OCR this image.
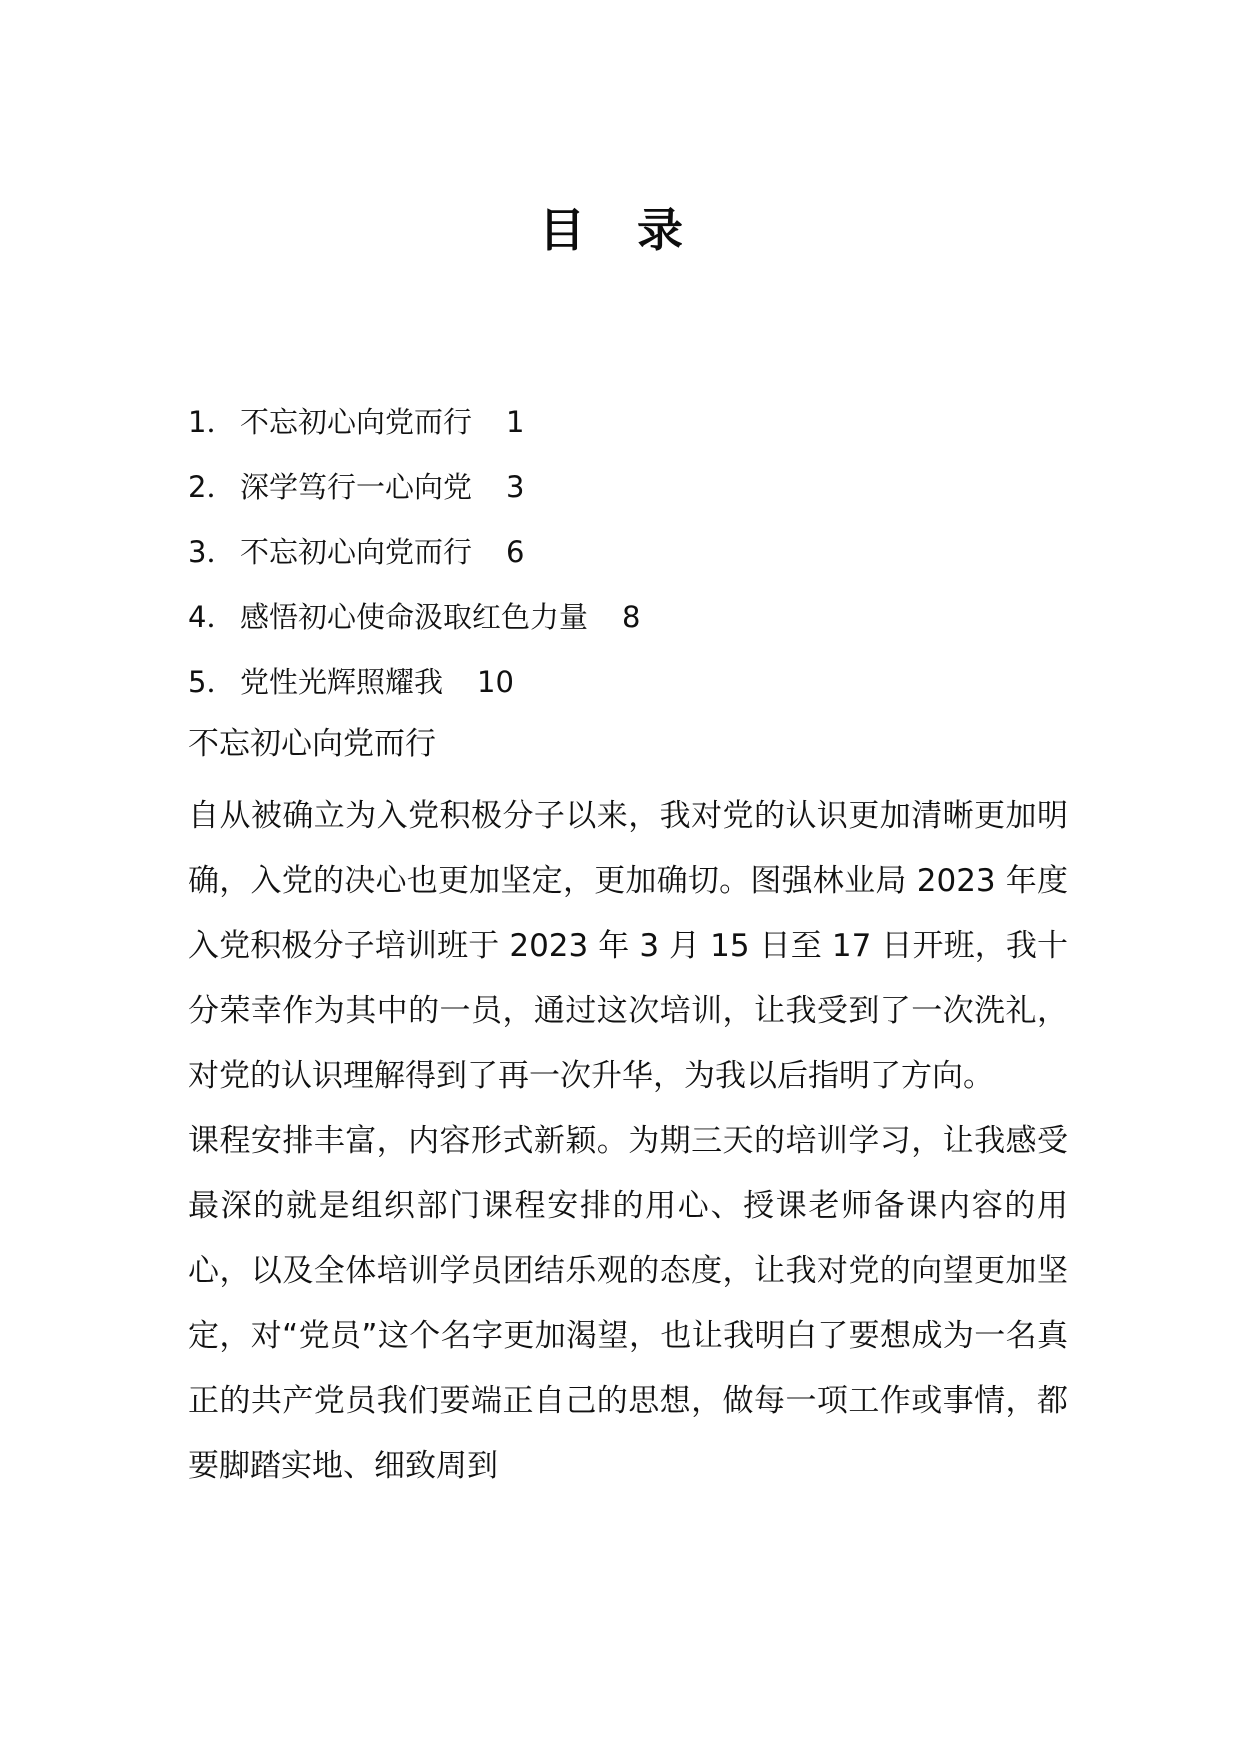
目 录
1． 不忘初心向党而行 1
2． 深学笃行一心向党 3
3． 不忘初心向党而行 6
4． 感悟初心使命汲取红色力量 8
5． 党性光辉照耀我 10
不忘初心向党而行

自从被确立为入党积极分子以来，我对党的认识更加清晰更加明确，入党的决心也更加坚定，更加确切。图强林业局 2023 年度入党积极分子培训班于 2023 年 3 月 15 日至 17 日开班，我十分荣幸作为其中的一员，通过这次培训，让我受到了一次洗礼，对党的认识理解得到了再一次升华，为我以后指明了方向。

课程安排丰富，内容形式新颖。为期三天的培训学习，让我感受最深的就是组织部门课程安排的用心、授课老师备课内容的用心，以及全体培训学员团结乐观的态度，让我对党的向望更加坚定，对“党员”这个名字更加渴望，也让我明白了要想成为一名真正的共产党员我们要端正自己的思想，做每一项工作或事情，都要脚踏实地、细致周到
